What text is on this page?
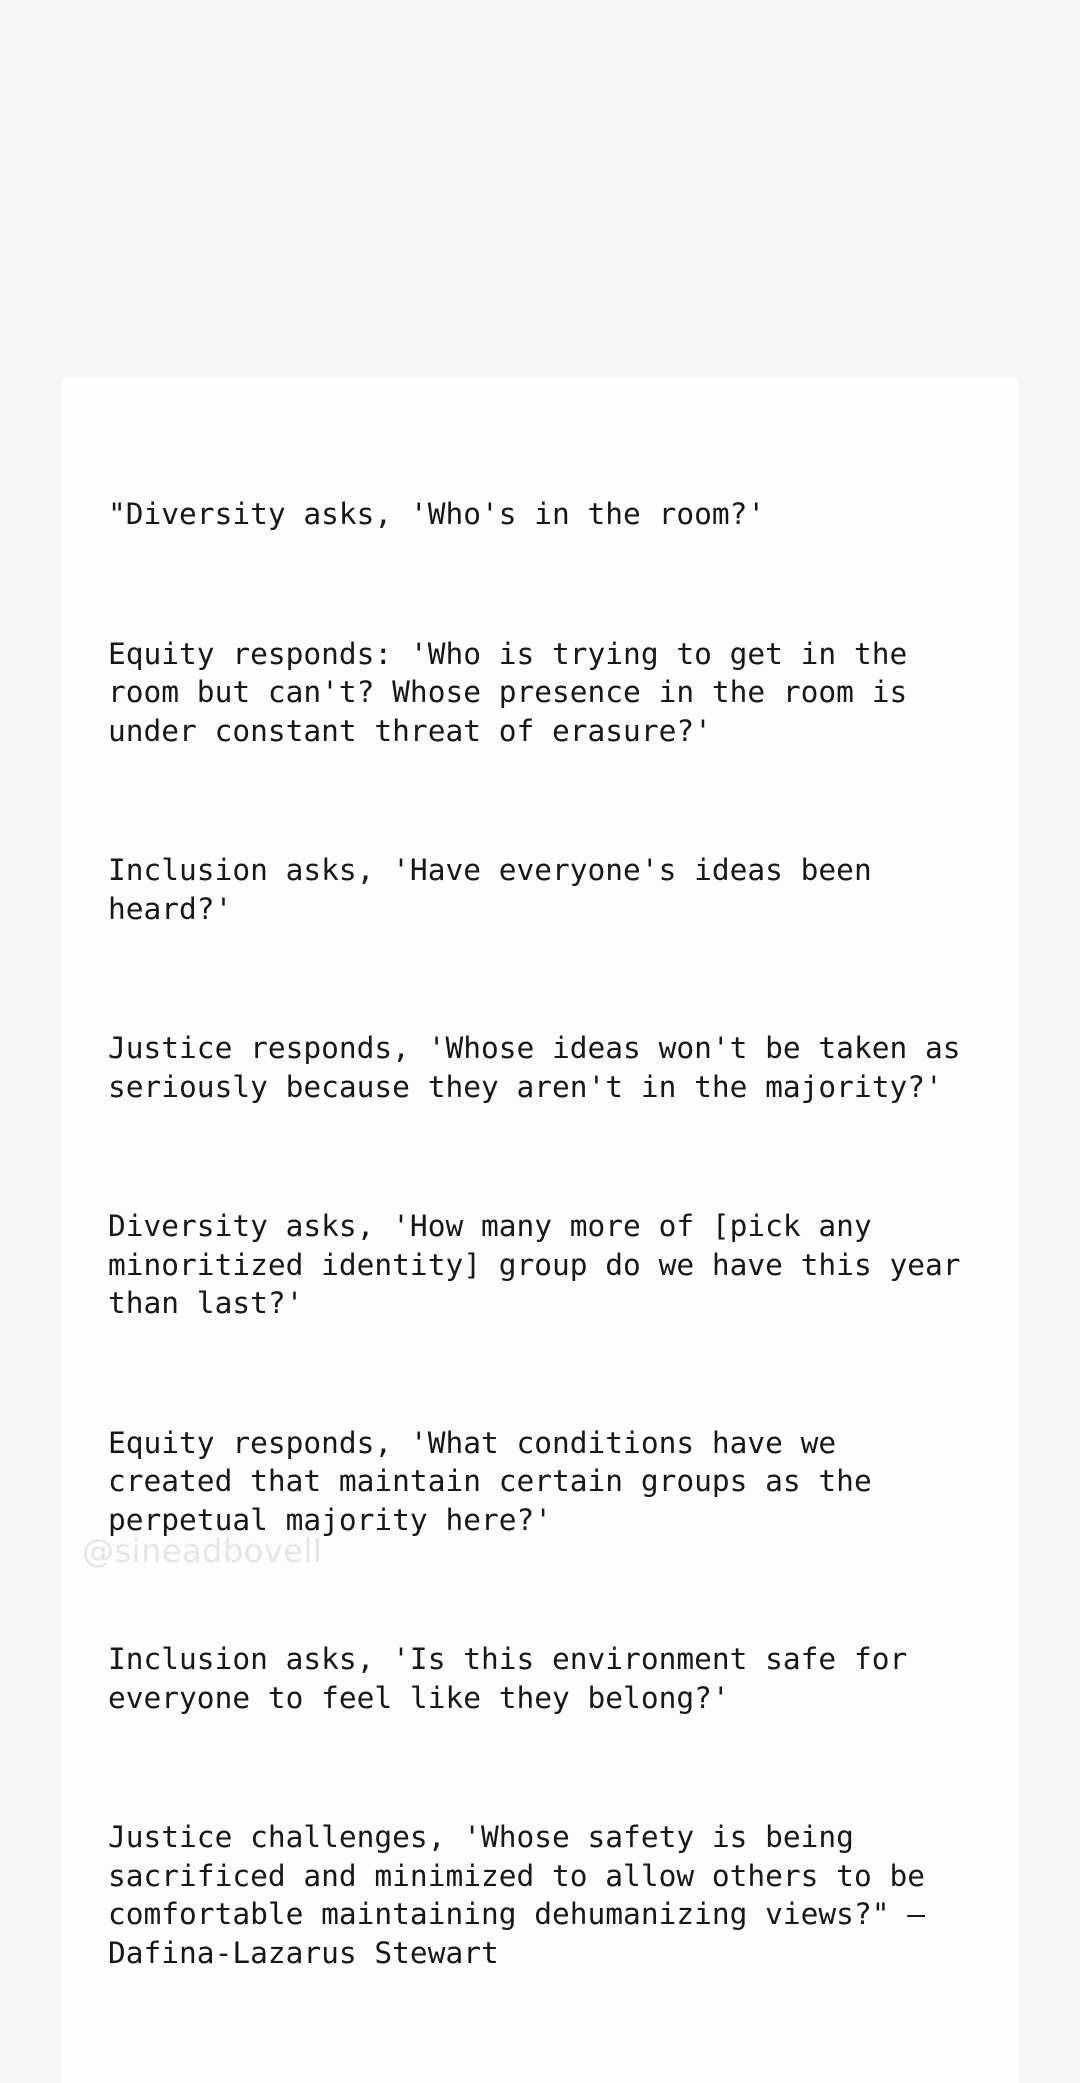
"Diversity asks, 'Who's in the room?'

Equity responds: 'Who is trying to get in the room but can't? Whose presence in the room is under constant threat of erasure?'

Inclusion asks, 'Have everyone's ideas been heard?'

Justice responds, 'Whose ideas won't be taken as seriously because they aren't in the majority?'

Diversity asks, 'How many more of [pick any minoritized identity] group do we have this year than last?'

Equity responds, 'What conditions have we created that maintain certain groups as the perpetual majority here?'

Inclusion asks, 'Is this environment safe for everyone to feel like they belong?'

Justice challenges, 'Whose safety is being sacrificed and minimized to allow others to be comfortable maintaining dehumanizing views?" — Dafina-Lazarus Stewart

@sineadbovell
